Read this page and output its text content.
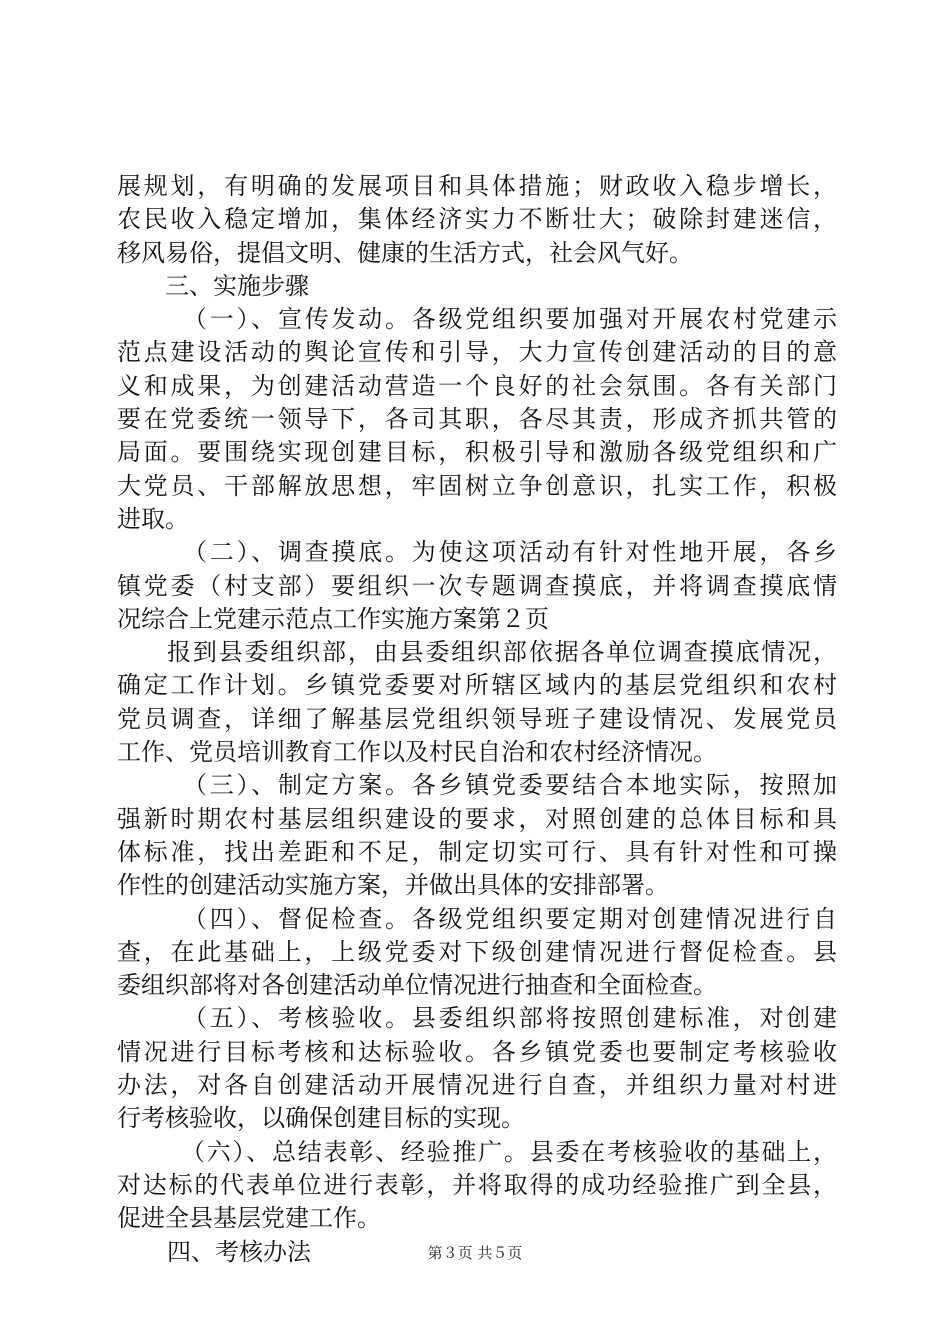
展规划，有明确的发展项目和具体措施；财政收入稳步增长，
农民收入稳定增加，集体经济实力不断壮大；破除封建迷信，
移风易俗，提倡文明、健康的生活方式，社会风气好。
三、实施步骤
（一）、宣传发动。各级党组织要加强对开展农村党建示
范点建设活动的舆论宣传和引导，大力宣传创建活动的目的意
义和成果，为创建活动营造一个良好的社会氛围。各有关部门
要在党委统一领导下，各司其职，各尽其责，形成齐抓共管的
局面。要围绕实现创建目标，积极引导和激励各级党组织和广
大党员、干部解放思想，牢固树立争创意识，扎实工作，积极
进取。
（二）、调查摸底。为使这项活动有针对性地开展，各乡
镇党委（村支部）要组织一次专题调查摸底，并将调查摸底情
况综合上党建示范点工作实施方案第２页
报到县委组织部，由县委组织部依据各单位调查摸底情况，
确定工作计划。乡镇党委要对所辖区域内的基层党组织和农村
党员调查，详细了解基层党组织领导班子建设情况、发展党员
工作、党员培训教育工作以及村民自治和农村经济情况。
（三）、制定方案。各乡镇党委要结合本地实际，按照加
强新时期农村基层组织建设的要求，对照创建的总体目标和具
体标准，找出差距和不足，制定切实可行、具有针对性和可操
作性的创建活动实施方案，并做出具体的安排部署。
（四）、督促检查。各级党组织要定期对创建情况进行自
查，在此基础上，上级党委对下级创建情况进行督促检查。县
委组织部将对各创建活动单位情况进行抽查和全面检查。
（五）、考核验收。县委组织部将按照创建标准，对创建
情况进行目标考核和达标验收。各乡镇党委也要制定考核验收
办法，对各自创建活动开展情况进行自查，并组织力量对村进
行考核验收，以确保创建目标的实现。
（六）、总结表彰、经验推广。县委在考核验收的基础上，
对达标的代表单位进行表彰，并将取得的成功经验推广到全县，
促进全县基层党建工作。
四、考核办法	第３页 共５页
